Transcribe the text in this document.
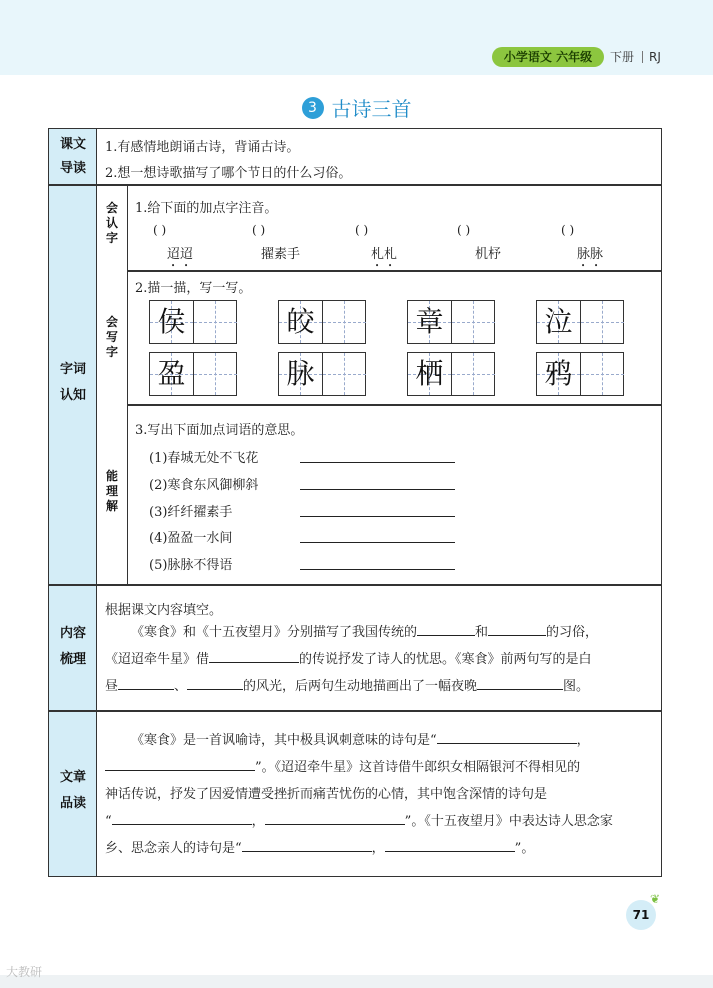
小学语文 六年级	下册 RJ
3 古诗三首
课文
导读
字词
认知
内容
梳理
文章
品读
会认字
会写字
能理解
1.有感情地朗诵古诗，背诵古诗。
2.想一想诗歌描写了哪个节日的什么习俗。
1.给下面的加点字注音。
( )	( )	( )	( )	( )
迢迢	擢素手	札札	机杼	脉脉
2.描一描，写一写。
侯	皎	章	泣
盈	脉	栖	鸦
3.写出下面加点词语的意思。
(1)春城无处不飞花
(2)寒食东风御柳斜
(3)纤纤擢素手
(4)盈盈一水间
(5)脉脉不得语
根据课文内容填空。
《寒食》和《十五夜望月》分别描写了我国传统的	和	的习俗，
《迢迢牵牛星》借	的传说抒发了诗人的忧思。《寒食》前两句写的是白
昼	、	的风光，后两句生动地描画出了一幅夜晚	图。
《寒食》是一首讽喻诗，其中极具讽刺意味的诗句是“	，
”。《迢迢牵牛星》这首诗借牛郎织女相隔银河不得相见的
神话传说，抒发了因爱情遭受挫折而痛苦忧伤的心情，其中饱含深情的诗句是
“	，	”。《十五夜望月》中表达诗人思念家
乡、思念亲人的诗句是“	，	”。
71
❦
大教研
